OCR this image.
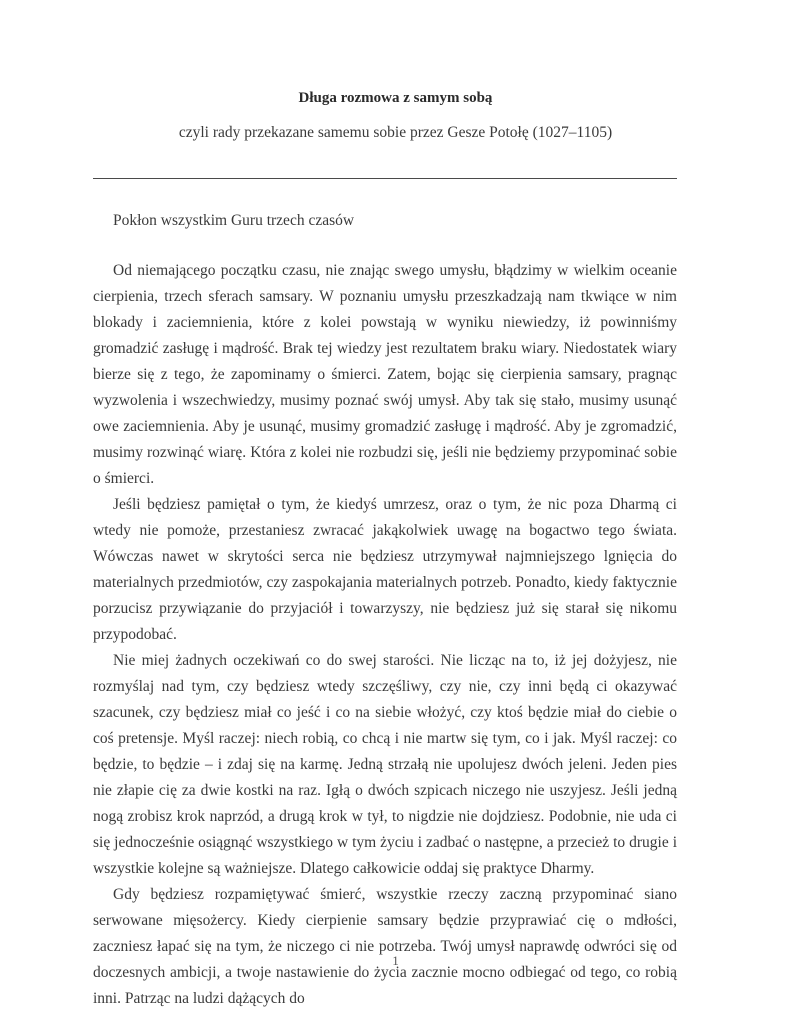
Długa rozmowa z samym sobą
czyli rady przekazane samemu sobie przez Gesze Potołę (1027–1105)
Pokłon wszystkim Guru trzech czasów

Od niemającego początku czasu, nie znając swego umysłu, błądzimy w wielkim oceanie cierpienia, trzech sferach samsary. W poznaniu umysłu przeszkadzają nam tkwiące w nim blokady i zaciemnienia, które z kolei powstają w wyniku niewiedzy, iż powinniśmy gromadzić zasługę i mądrość. Brak tej wiedzy jest rezultatem braku wiary. Niedostatek wiary bierze się z tego, że zapominamy o śmierci. Zatem, bojąc się cierpienia samsary, pragnąc wyzwolenia i wszechwiedzy, musimy poznać swój umysł. Aby tak się stało, musimy usunąć owe zaciemnienia. Aby je usunąć, musimy gromadzić zasługę i mądrość. Aby je zgromadzić, musimy rozwinąć wiarę. Która z kolei nie rozbudzi się, jeśli nie będziemy przypominać sobie o śmierci.

Jeśli będziesz pamiętał o tym, że kiedyś umrzesz, oraz o tym, że nic poza Dharmą ci wtedy nie pomoże, przestaniesz zwracać jakąkolwiek uwagę na bogactwo tego świata. Wówczas nawet w skrytości serca nie będziesz utrzymywał najmniejszego lgnięcia do materialnych przedmiotów, czy zaspokajania materialnych potrzeb. Ponadto, kiedy faktycznie porzucisz przywiązanie do przyjaciół i towarzyszy, nie będziesz już się starał się nikomu przypodobać.

Nie miej żadnych oczekiwań co do swej starości. Nie licząc na to, iż jej dożyjesz, nie rozmyślaj nad tym, czy będziesz wtedy szczęśliwy, czy nie, czy inni będą ci okazywać szacunek, czy będziesz miał co jeść i co na siebie włożyć, czy ktoś będzie miał do ciebie o coś pretensje. Myśl raczej: niech robią, co chcą i nie martw się tym, co i jak. Myśl raczej: co będzie, to będzie – i zdaj się na karmę. Jedną strzałą nie upolujesz dwóch jeleni. Jeden pies nie złapie cię za dwie kostki na raz. Igłą o dwóch szpicach niczego nie uszyjesz. Jeśli jedną nogą zrobisz krok naprzód, a drugą krok w tył, to nigdzie nie dojdziesz. Podobnie, nie uda ci się jednocześnie osiągnąć wszystkiego w tym życiu i zadbać o następne, a przecież to drugie i wszystkie kolejne są ważniejsze. Dlatego całkowicie oddaj się praktyce Dharmy.

Gdy będziesz rozpamiętywać śmierć, wszystkie rzeczy zaczną przypominać siano serwowane mięsożercy. Kiedy cierpienie samsary będzie przyprawiać cię o mdłości, zaczniesz łapać się na tym, że niczego ci nie potrzeba. Twój umysł naprawdę odwróci się od doczesnych ambicji, a twoje nastawienie do życia zacznie mocno odbiegać od tego, co robią inni. Patrząc na ludzi dążących do

1
